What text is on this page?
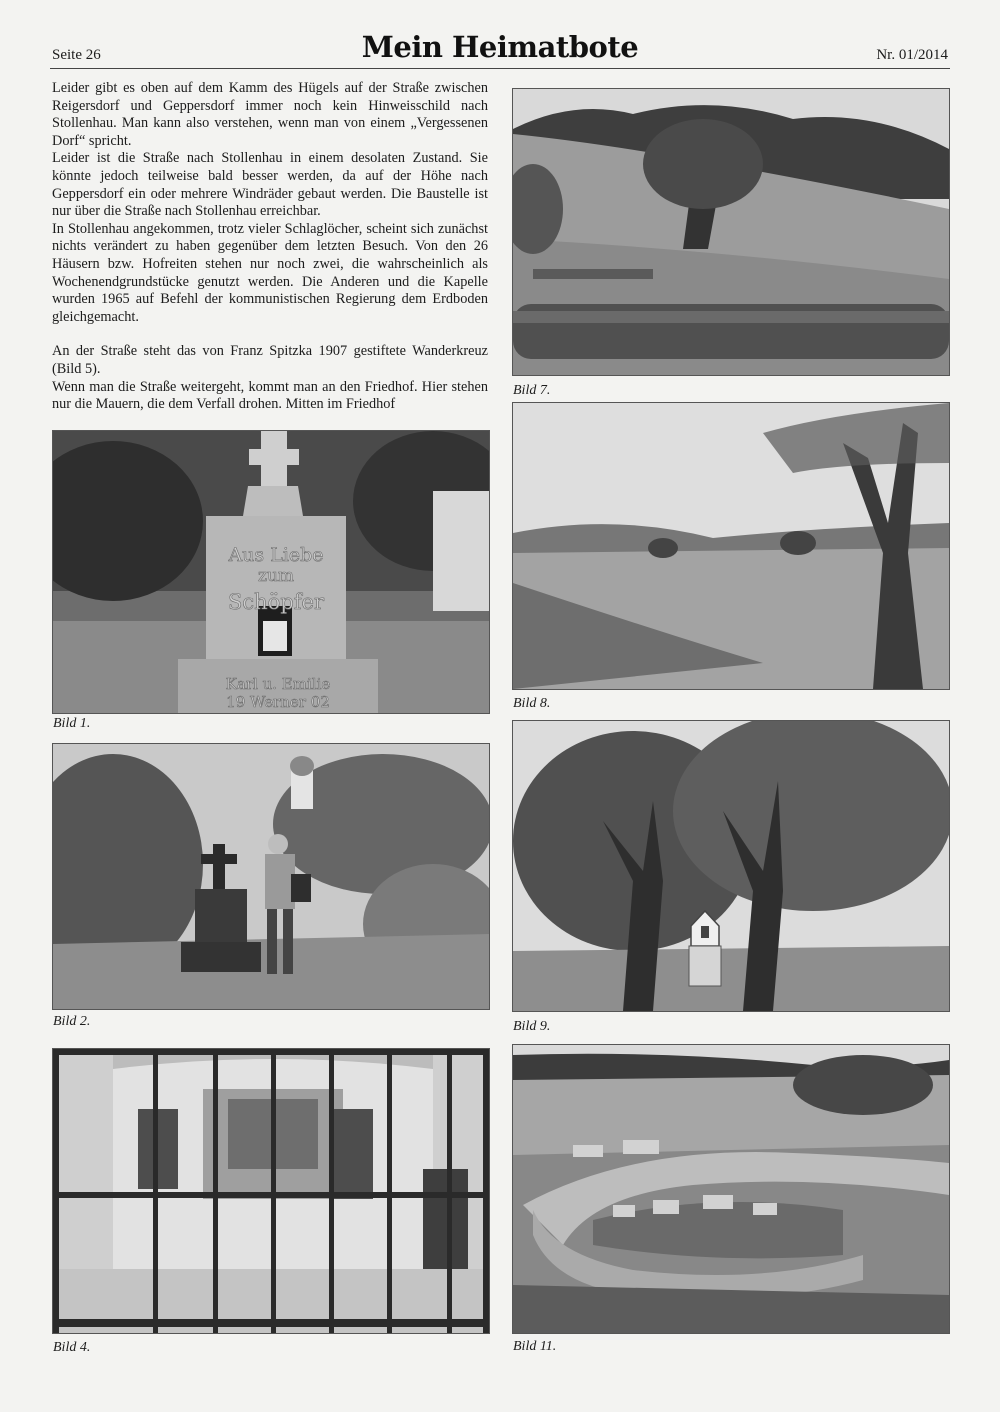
Seite 26	Mein Heimatbote	Nr. 01/2014

Leider gibt es oben auf dem Kamm des Hügels auf der Straße zwischen Reigersdorf und Geppersdorf immer noch kein Hinweisschild nach Stollenhau. Man kann also verstehen, wenn man von einem „Vergessenen Dorf“ spricht.

Leider ist die Straße nach Stollenhau in einem desolaten Zustand. Sie könnte jedoch teilweise bald besser werden, da auf der Höhe nach Geppersdorf ein oder mehrere Windräder gebaut werden. Die Baustelle ist nur über die Straße nach Stollenhau erreichbar.

In Stollenhau angekommen, trotz vieler Schlaglöcher, scheint sich zunächst nichts verändert zu haben gegenüber dem letzten Besuch. Von den 26 Häusern bzw. Hofreiten stehen nur noch zwei, die wahrscheinlich als Wochenendgrundstücke genutzt werden. Die Anderen und die Kapelle wurden 1965 auf Befehl der kommunistischen Regierung dem Erdboden gleichgemacht.

An der Straße steht das von Franz Spitzka 1907 gestiftete Wanderkreuz (Bild 5).

Wenn man die Straße weitergeht, kommt man an den Friedhof. Hier stehen nur die Mauern, die dem Verfall drohen. Mitten im Friedhof

Bild 7.
Aus Liebe
zum
Schöpfer
Karl u. Emilie
19 Werner 02
Bild 1.
Bild 8.
Bild 2.	Bild 9.
Bild 4.	Bild 11.
